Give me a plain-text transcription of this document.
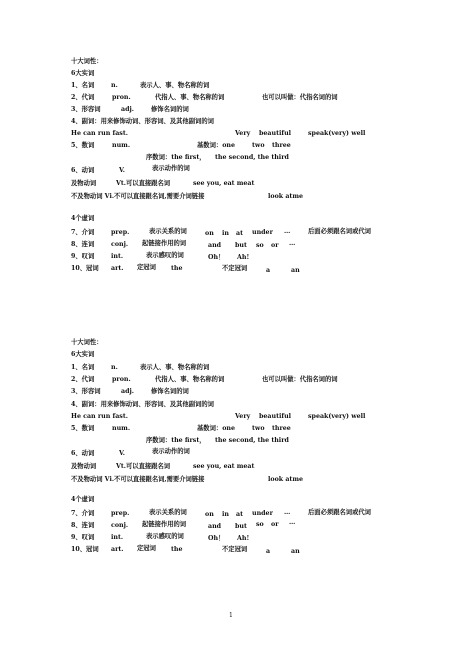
十大词性：
6大实词
1、名词	n.	表示人、事、物名称的词
2、代词	pron.	代指人、事、物名称的词	也可以叫做：代指名词的词
3、形容词	adj.	修饰名词的词
4、副词：用来修饰动词、形容词、及其他副词的词
He can run fast.	Very beautiful	speak(very) well
5、数词	num.	基数词：one	two three
序数词：the first， the second, the third
6、动词	V.	表示动作的词
及物动词	Vt.可以直接跟名词	see you, eat meat
不及物动词 Vi.不可以直接跟名词,需要介词链接	look atme
4个虚词
7、介词	prep.	表示关系的词	on in at under …	后面必须跟名词或代词
8、连词	conj. 起链接作用的词	and but so or …
9、叹词	int.	表示感叹的词	Oh！ Ah!
10、冠词 art. 定冠词 the	不定冠词	a	an
十大词性：
6大实词
1、名词	n.	表示人、事、物名称的词
2、代词	pron.	代指人、事、物名称的词	也可以叫做：代指名词的词
3、形容词	adj.	修饰名词的词
4、副词：用来修饰动词、形容词、及其他副词的词
He can run fast.	Very beautiful	speak(very) well
5、数词	num.	基数词：one	two three
序数词：the first， the second, the third
6、动词	V.	表示动作的词
及物动词	Vt.可以直接跟名词	see you, eat meat
不及物动词 Vi.不可以直接跟名词,需要介词链接	look atme
4个虚词
7、介词	prep.	表示关系的词	on in at under …	后面必须跟名词或代词
8、连词	conj. 起链接作用的词	and but so or …
9、叹词	int.	表示感叹的词	Oh！ Ah!
10、冠词 art. 定冠词 the	不定冠词	a	an
1
